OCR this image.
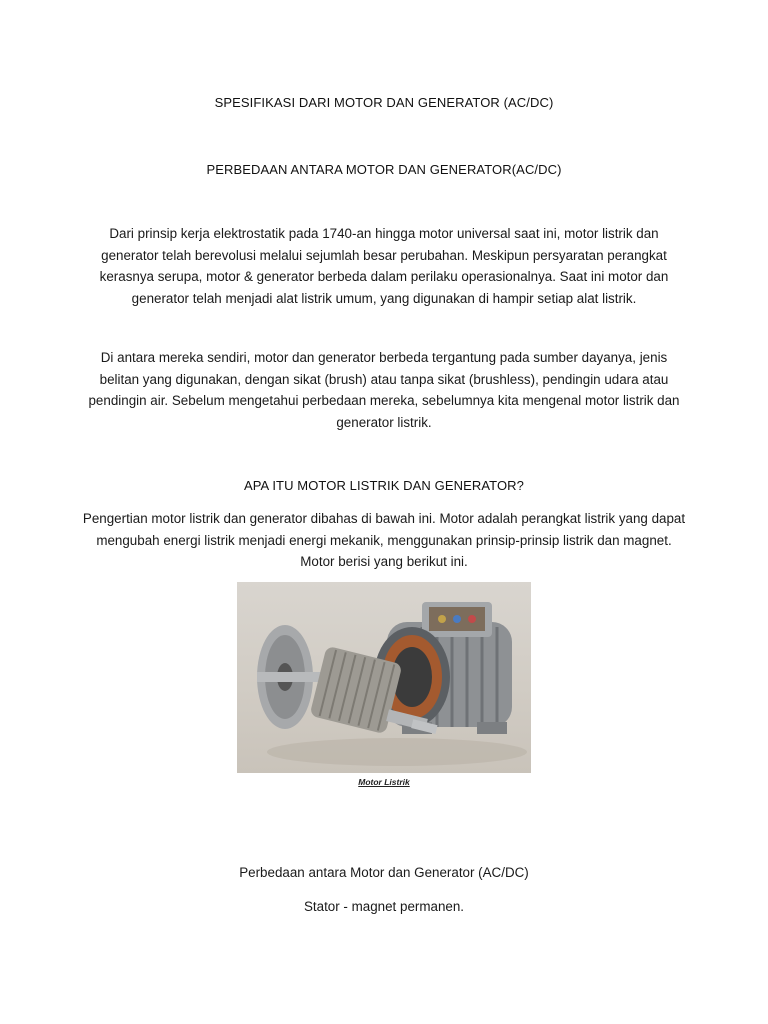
SPESIFIKASI DARI MOTOR DAN GENERATOR (AC/DC)
PERBEDAAN ANTARA MOTOR DAN GENERATOR(AC/DC)

Dari prinsip kerja elektrostatik pada 1740-an hingga motor universal saat ini, motor listrik dan generator telah berevolusi melalui sejumlah besar perubahan. Meskipun persyaratan perangkat kerasnya serupa, motor & generator berbeda dalam perilaku operasionalnya. Saat ini motor dan generator telah menjadi alat listrik umum, yang digunakan di hampir setiap alat listrik.

Di antara mereka sendiri, motor dan generator berbeda tergantung pada sumber dayanya, jenis belitan yang digunakan, dengan sikat (brush) atau tanpa sikat (brushless), pendingin udara atau pendingin air. Sebelum mengetahui perbedaan mereka, sebelumnya kita mengenal motor listrik dan generator listrik.

APA ITU MOTOR LISTRIK DAN GENERATOR?

Pengertian motor listrik dan generator dibahas di bawah ini. Motor adalah perangkat listrik yang dapat mengubah energi listrik menjadi energi mekanik, menggunakan prinsip-prinsip listrik dan magnet. Motor berisi yang berikut ini.

Motor Listrik
Perbedaan antara Motor dan Generator (AC/DC)
Stator - magnet permanen.
